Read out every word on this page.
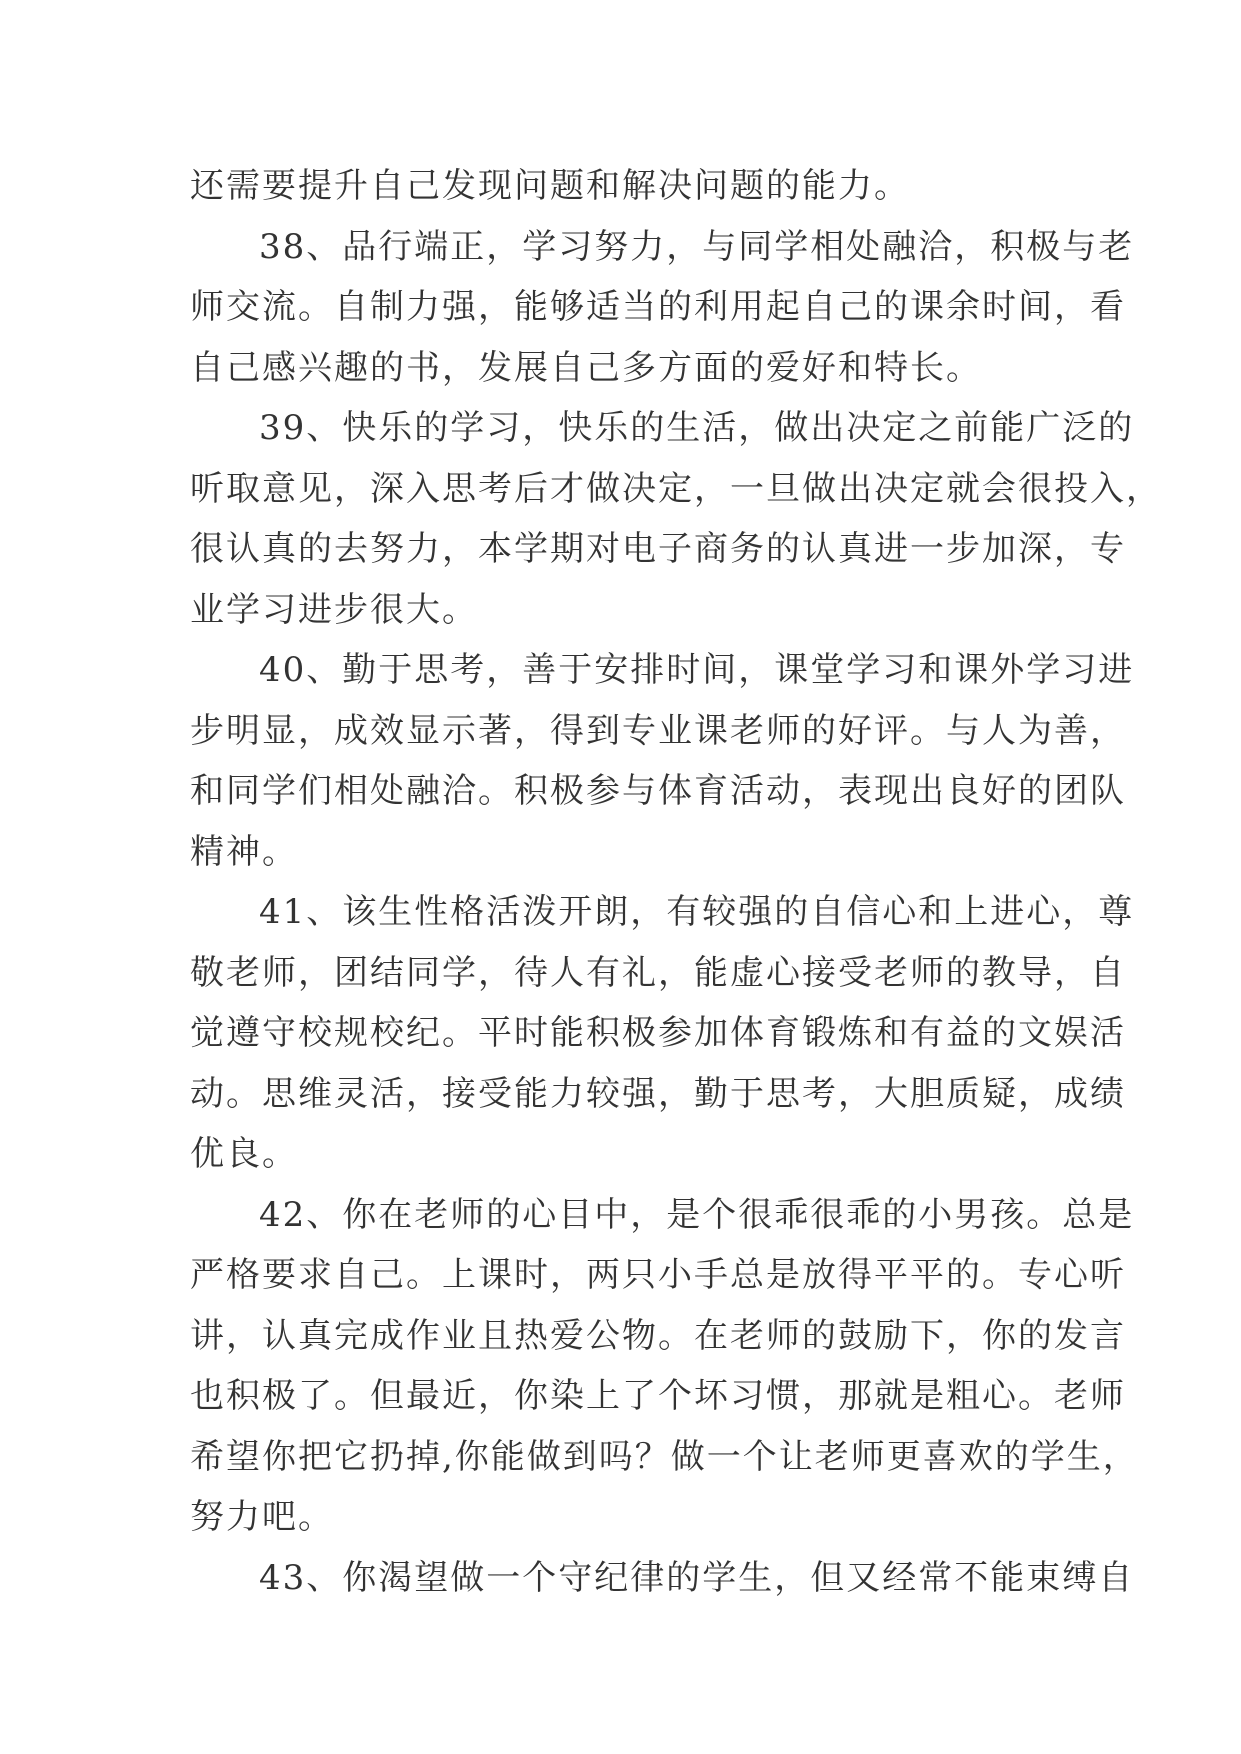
还需要提升自己发现问题和解决问题的能力。
38、品行端正，学习努力，与同学相处融洽，积极与老
师交流。自制力强，能够适当的利用起自己的课余时间，看
自己感兴趣的书，发展自己多方面的爱好和特长。
39、快乐的学习，快乐的生活，做出决定之前能广泛的
听取意见，深入思考后才做决定，一旦做出决定就会很投入，
很认真的去努力，本学期对电子商务的认真进一步加深，专
业学习进步很大。
40、勤于思考，善于安排时间，课堂学习和课外学习进
步明显，成效显示著，得到专业课老师的好评。与人为善，
和同学们相处融洽。积极参与体育活动，表现出良好的团队
精神。
41、该生性格活泼开朗，有较强的自信心和上进心，尊
敬老师，团结同学，待人有礼，能虚心接受老师的教导，自
觉遵守校规校纪。平时能积极参加体育锻炼和有益的文娱活
动。思维灵活，接受能力较强，勤于思考，大胆质疑，成绩
优良。
42、你在老师的心目中，是个很乖很乖的小男孩。总是
严格要求自己。上课时，两只小手总是放得平平的。专心听
讲，认真完成作业且热爱公物。在老师的鼓励下，你的发言
也积极了。但最近，你染上了个坏习惯，那就是粗心。老师
希望你把它扔掉,你能做到吗？做一个让老师更喜欢的学生，
努力吧。
43、你渴望做一个守纪律的学生，但又经常不能束缚自
